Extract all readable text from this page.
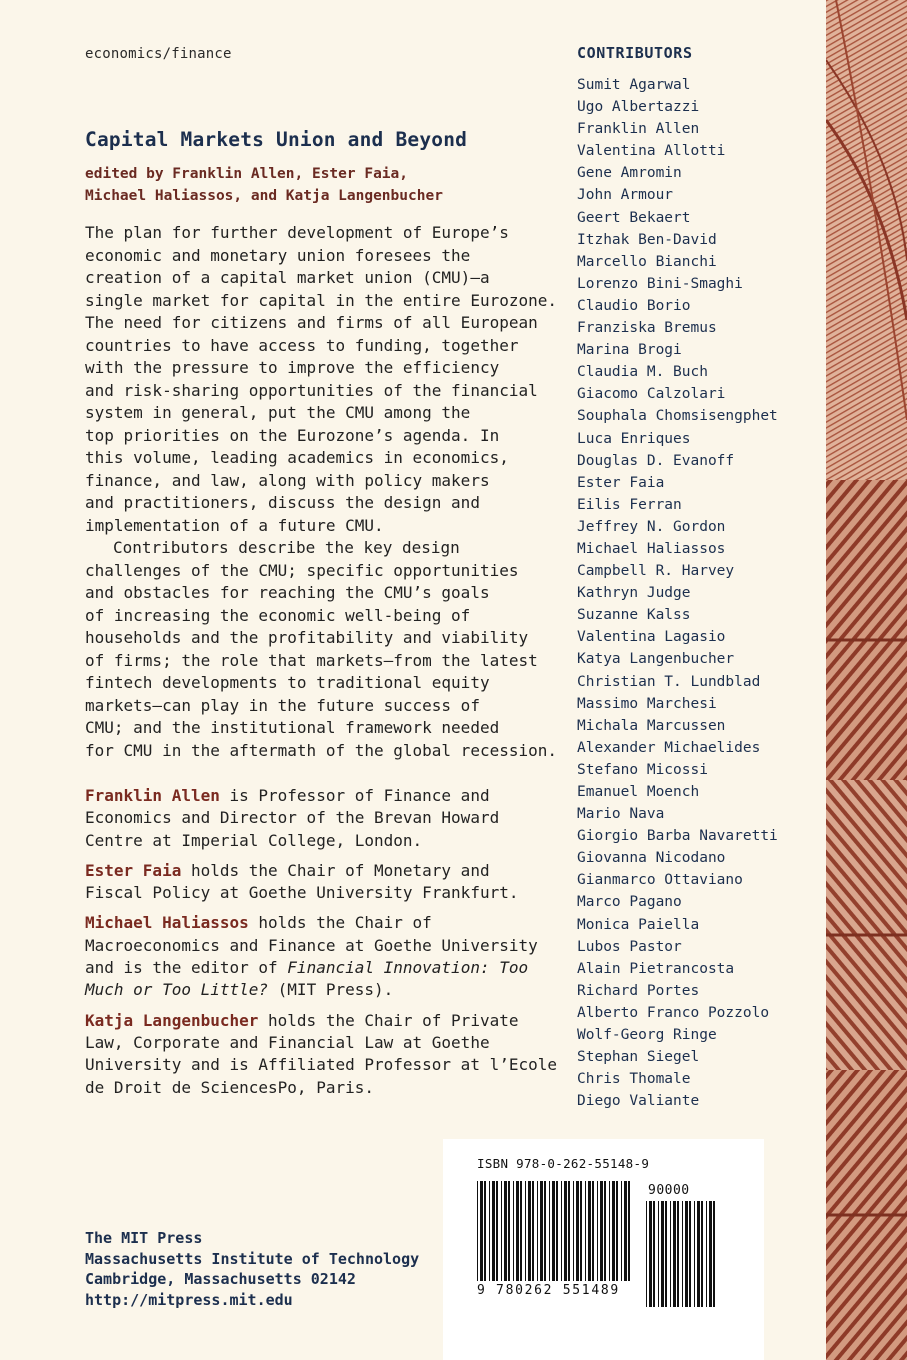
economics/finance
Capital Markets Union and Beyond

edited by Franklin Allen, Ester Faia,

Michael Haliassos, and Katja Langenbucher

The plan for further development of Europe’s

economic and monetary union foresees the

creation of a capital market union (CMU)—a

single market for capital in the entire Eurozone.

The need for citizens and firms of all European

countries to have access to funding, together

with the pressure to improve the efficiency

and risk-sharing opportunities of the financial

system in general, put the CMU among the

top priorities on the Eurozone’s agenda. In

this volume, leading academics in economics,

finance, and law, along with policy makers

and practitioners, discuss the design and

implementation of a future CMU.

Contributors describe the key design

challenges of the CMU; specific opportunities

and obstacles for reaching the CMU’s goals

of increasing the economic well-being of

households and the profitability and viability

of firms; the role that markets—from the latest

fintech developments to traditional equity

markets—can play in the future success of

CMU; and the institutional framework needed

for CMU in the aftermath of the global recession.

Franklin Allen is Professor of Finance and

Economics and Director of the Brevan Howard

Centre at Imperial College, London.

Ester Faia holds the Chair of Monetary and

Fiscal Policy at Goethe University Frankfurt.

Michael Haliassos holds the Chair of

Macroeconomics and Finance at Goethe University

and is the editor of Financial Innovation: Too

Much or Too Little? (MIT Press).

Katja Langenbucher holds the Chair of Private

Law, Corporate and Financial Law at Goethe

University and is Affiliated Professor at l’Ecole

de Droit de SciencesPo, Paris.

The MIT Press

Massachusetts Institute of Technology

Cambridge, Massachusetts 02142

http://mitpress.mit.edu

CONTRIBUTORS
Sumit Agarwal
Ugo Albertazzi
Franklin Allen
Valentina Allotti
Gene Amromin
John Armour
Geert Bekaert
Itzhak Ben-David
Marcello Bianchi
Lorenzo Bini-Smaghi
Claudio Borio
Franziska Bremus
Marina Brogi
Claudia M. Buch
Giacomo Calzolari
Souphala Chomsisengphet
Luca Enriques
Douglas D. Evanoff
Ester Faia
Eilis Ferran
Jeffrey N. Gordon
Michael Haliassos
Campbell R. Harvey
Kathryn Judge
Suzanne Kalss
Valentina Lagasio
Katya Langenbucher
Christian T. Lundblad
Massimo Marchesi
Michala Marcussen
Alexander Michaelides
Stefano Micossi
Emanuel Moench
Mario Nava
Giorgio Barba Navaretti
Giovanna Nicodano
Gianmarco Ottaviano
Marco Pagano
Monica Paiella
Lubos Pastor
Alain Pietrancosta
Richard Portes
Alberto Franco Pozzolo
Wolf-Georg Ringe
Stephan Siegel
Chris Thomale
Diego Valiante
ISBN 978-0-262-55148-9
90000
9 780262 551489
